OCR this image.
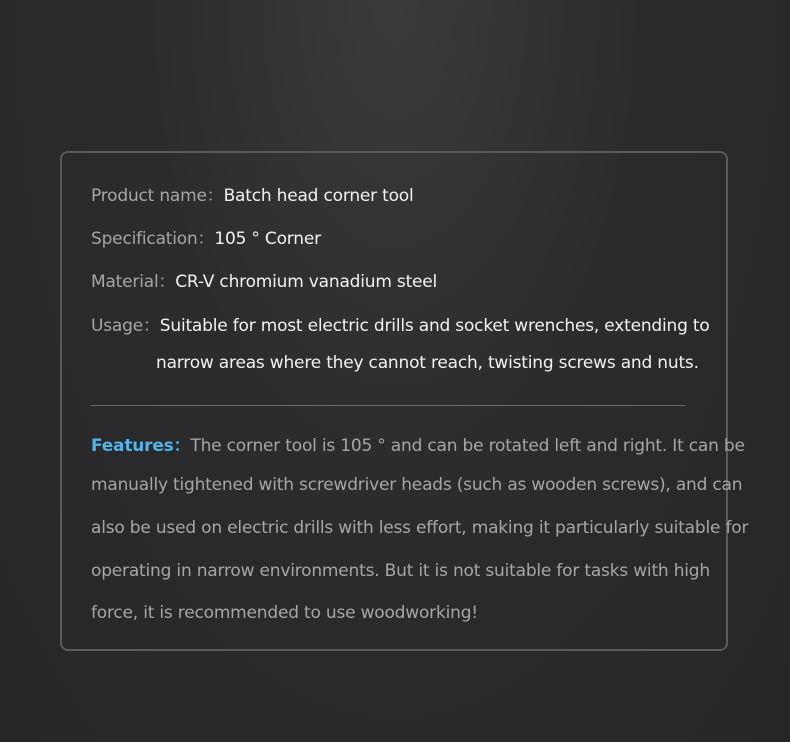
Product name：Batch head corner tool
Specification：105 ° Corner
Material：CR-V chromium vanadium steel
Usage：Suitable for most electric drills and socket wrenches, extending to
narrow areas where they cannot reach, twisting screws and nuts.
Features：The corner tool is 105 ° and can be rotated left and right. It can be
manually tightened with screwdriver heads (such as wooden screws), and can
also be used on electric drills with less effort, making it particularly suitable for
operating in narrow environments. But it is not suitable for tasks with high
force, it is recommended to use woodworking!
